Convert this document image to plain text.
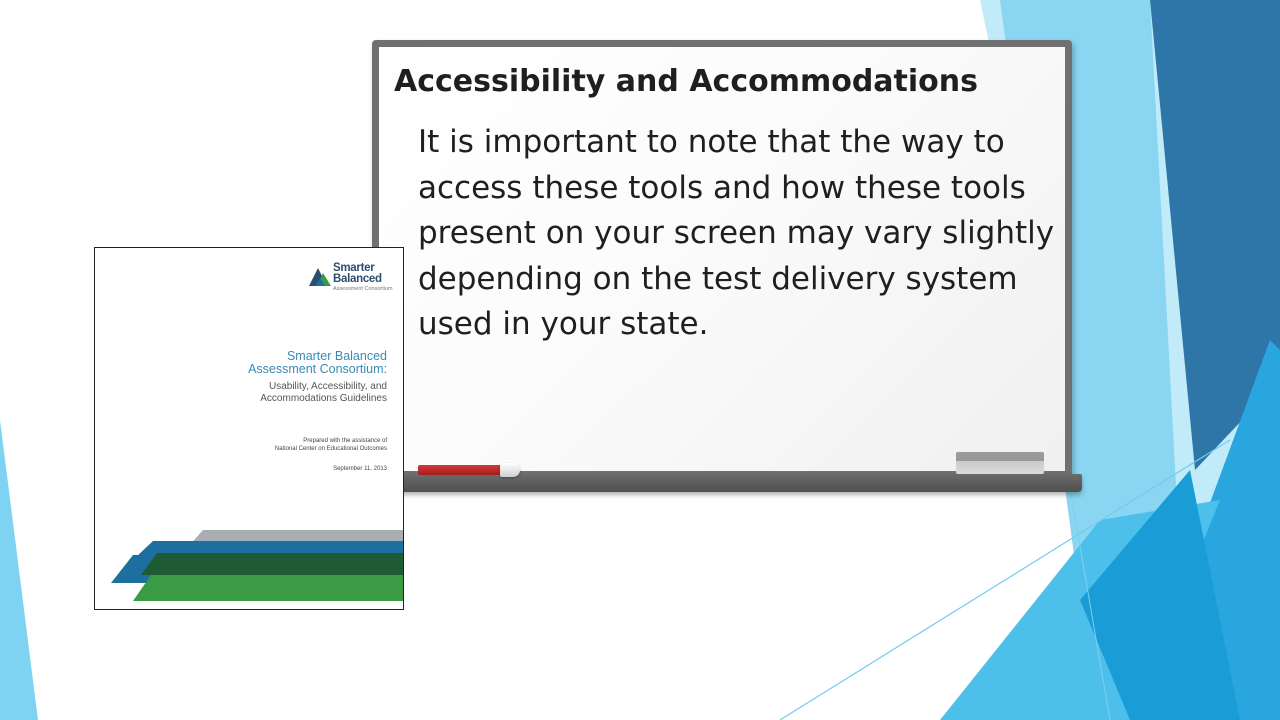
Accessibility and Accommodations

It is important to note that the way to access these tools and how these tools present on your screen may vary slightly depending on the test delivery system used in your state.

Smarter
Balanced
Assessment Consortium
Smarter Balanced
Assessment Consortium:
Usability, Accessibility, and
Accommodations Guidelines
Prepared with the assistance of
National Center on Educational Outcomes
September 11, 2013
